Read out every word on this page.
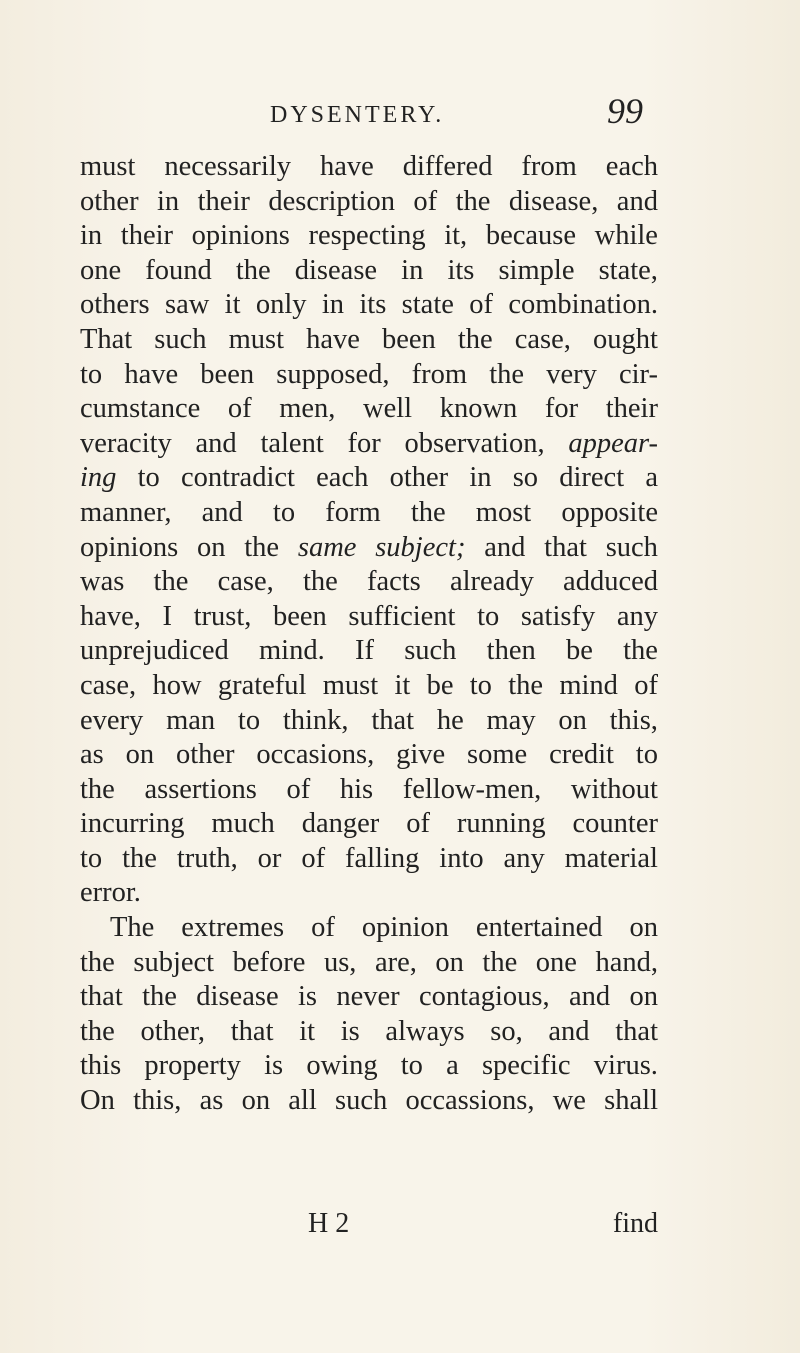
DYSENTERY.	99
must necessarily have differed from each
other in their description of the disease, and
in their opinions respecting it, because while
one found the disease in its simple state,
others saw it only in its state of combination.
That such must have been the case, ought
to have been supposed, from the very cir-
cumstance of men, well known for their
veracity and talent for observation, appear-
ing to contradict each other in so direct a
manner, and to form the most opposite
opinions on the same subject; and that such
was the case, the facts already adduced
have, I trust, been sufficient to satisfy any
unprejudiced mind. If such then be the
case, how grateful must it be to the mind of
every man to think, that he may on this,
as on other occasions, give some credit to
the assertions of his fellow-men, without
incurring much danger of running counter
to the truth, or of falling into any material
error.
The extremes of opinion entertained on
the subject before us, are, on the one hand,
that the disease is never contagious, and on
the other, that it is always so, and that
this property is owing to a specific virus.
On this, as on all such occassions, we shall
H 2	find
